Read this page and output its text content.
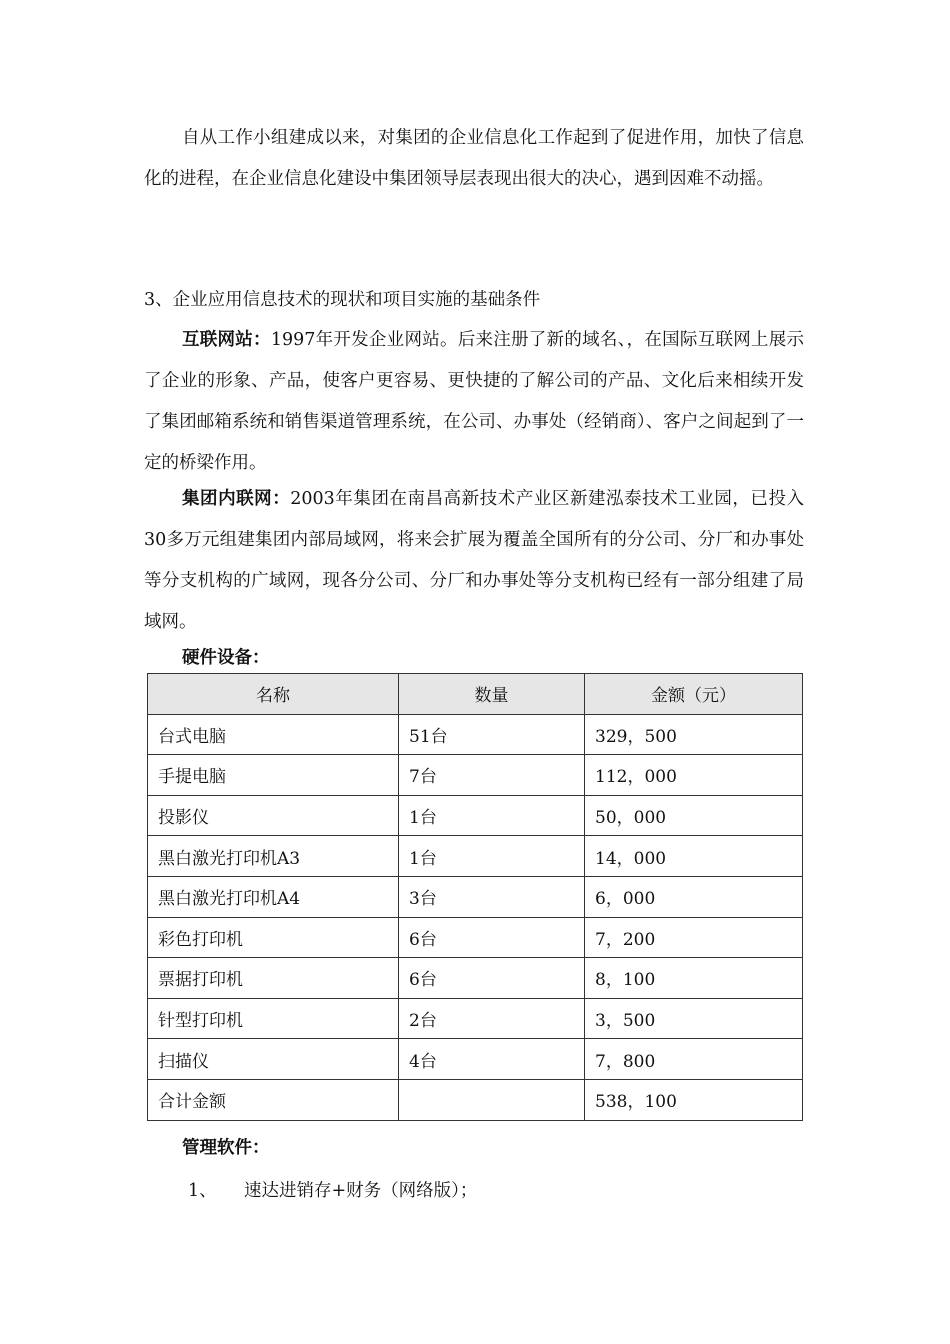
自从工作小组建成以来，对集团的企业信息化工作起到了促进作用，加快了信息化的进程，在企业信息化建设中集团领导层表现出很大的决心，遇到因难不动摇。

3、企业应用信息技术的现状和项目实施的基础条件

互联网站：1997年开发企业网站。后来注册了新的域名、，在国际互联网上展示了企业的形象、产品，使客户更容易、更快捷的了解公司的产品、文化后来相续开发了集团邮箱系统和销售渠道管理系统，在公司、办事处（经销商）、客户之间起到了一定的桥梁作用。

集团内联网：2003年集团在南昌高新技术产业区新建泓泰技术工业园，已投入30多万元组建集团内部局域网，将来会扩展为覆盖全国所有的分公司、分厂和办事处等分支机构的广域网，现各分公司、分厂和办事处等分支机构已经有一部分组建了局域网。

硬件设备：

名称	数量	金额（元）
台式电脑	51台	329，500
手提电脑	7台	112，000
投影仪	1台	50，000
黑白激光打印机A3	1台	14，000
黑白激光打印机A4	3台	6，000
彩色打印机	6台	7，200
票据打印机	6台	8，100
针型打印机	2台	3，500
扫描仪	4台	7，800
合计金额		538，100

管理软件：

1、 速达进销存+财务（网络版）；
